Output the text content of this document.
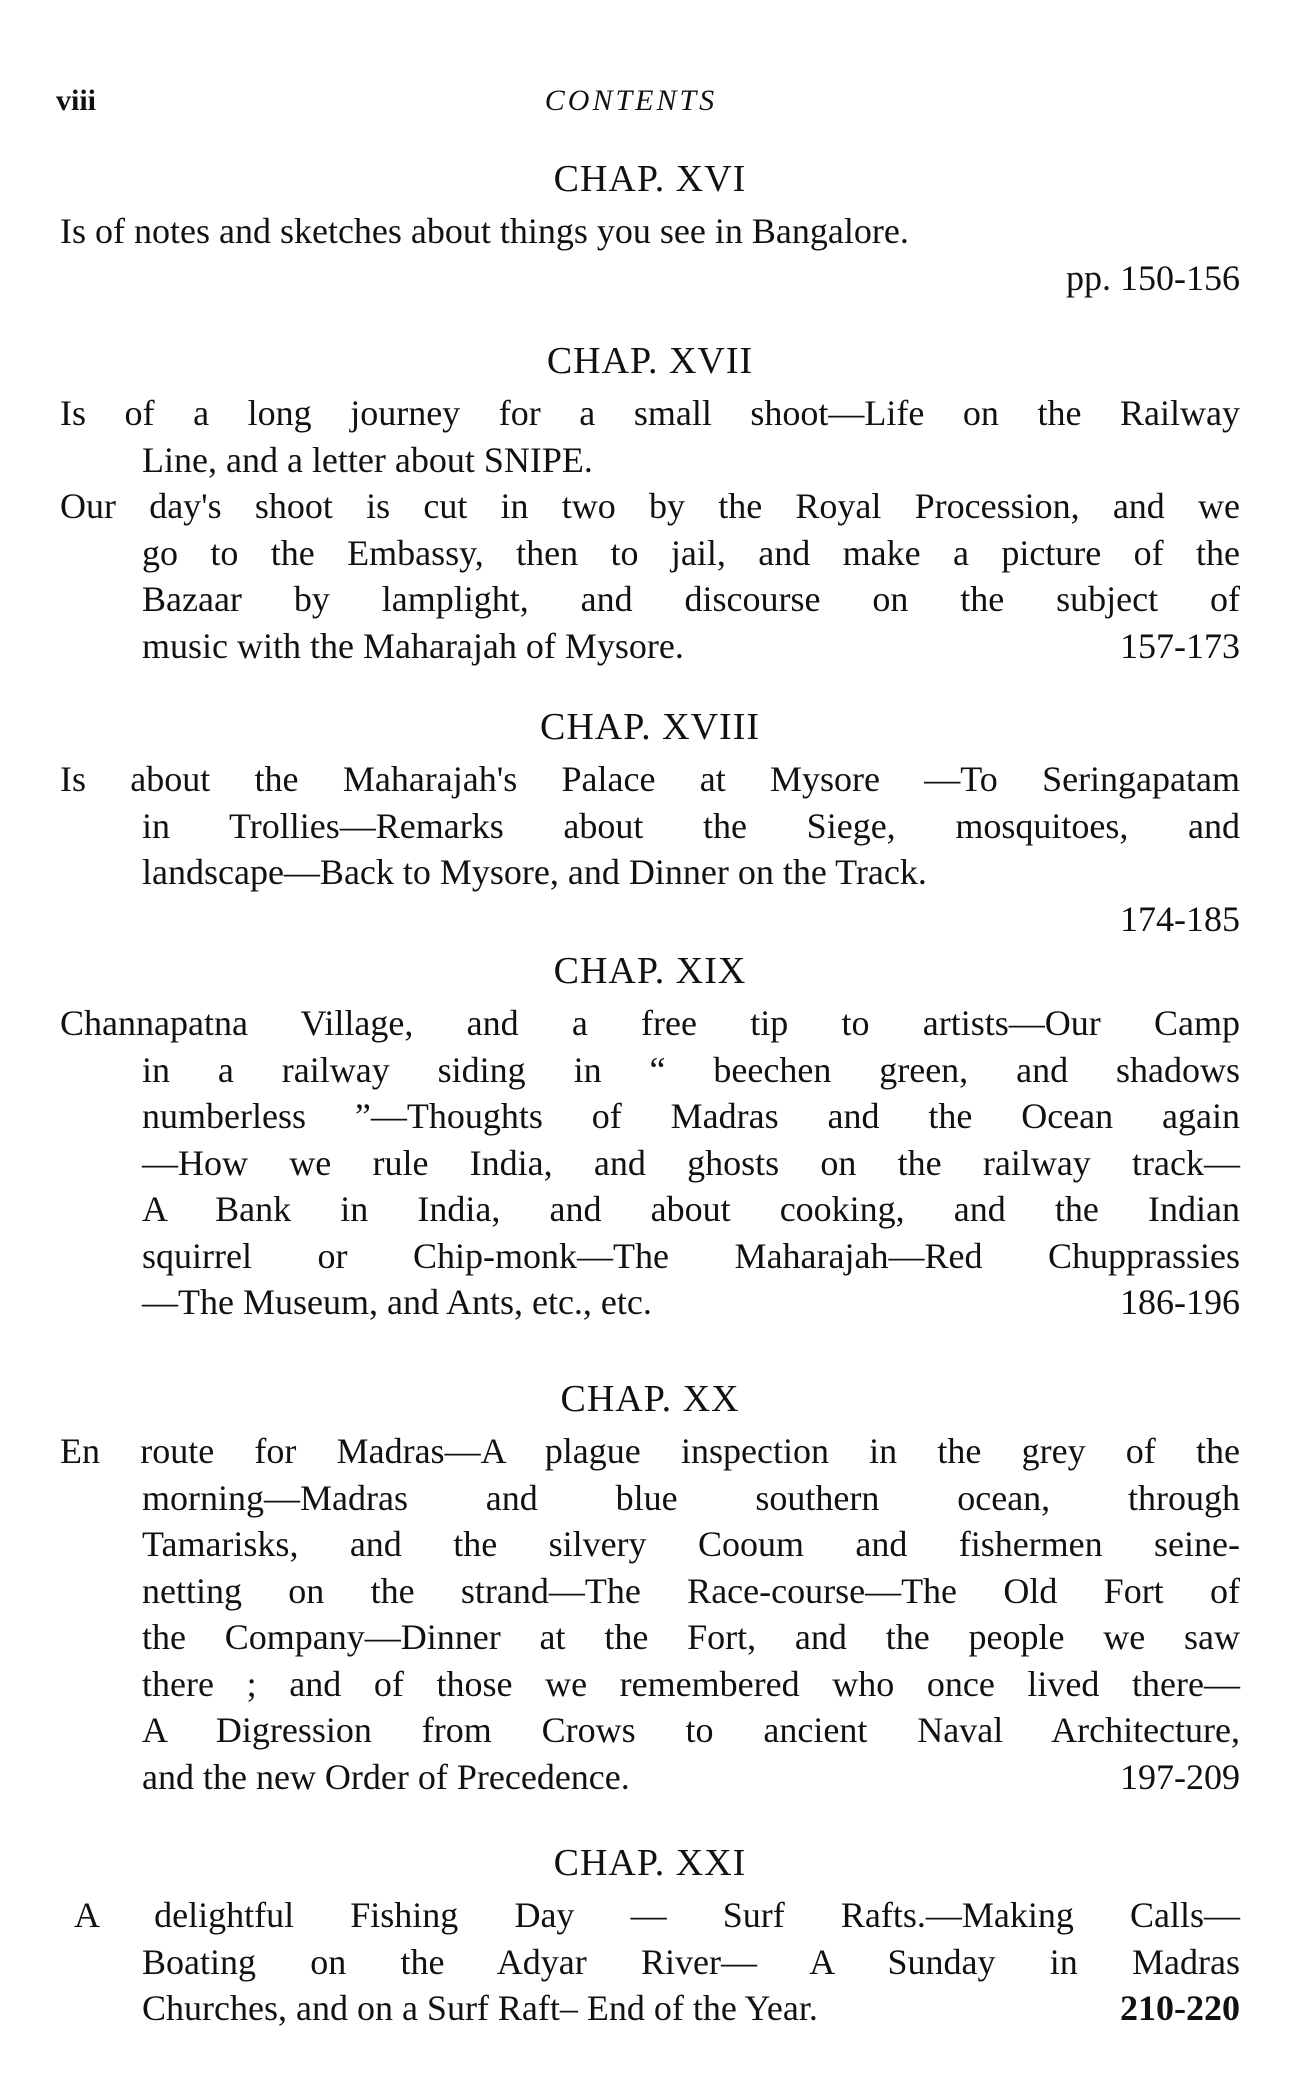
viii	CONTENTS
CHAP. XVI
Is of notes and sketches about things you see in Bangalore.
pp. 150-156
CHAP. XVII
Is of a long journey for a small shoot—Life on the Railway
Line, and a letter about SNIPE.
Our day's shoot is cut in two by the Royal Procession, and we
go to the Embassy, then to jail, and make a picture of the
Bazaar by lamplight, and discourse on the subject of
music with the Maharajah of Mysore.	157-173
CHAP. XVIII
Is about the Maharajah's Palace at Mysore —To Seringapatam
in Trollies—Remarks about the Siege, mosquitoes, and
landscape—Back to Mysore, and Dinner on the Track.
174-185
CHAP. XIX
Channapatna Village, and a free tip to artists—Our Camp
in a railway siding in “ beechen green, and shadows
numberless ”—Thoughts of Madras and the Ocean again
—How we rule India, and ghosts on the railway track—
A Bank in India, and about cooking, and the Indian
squirrel or Chip-monk—The Maharajah—Red Chupprassies
—The Museum, and Ants, etc., etc.	186-196
CHAP. XX
En route for Madras—A plague inspection in the grey of the
morning—Madras and blue southern ocean, through
Tamarisks, and the silvery Cooum and fishermen seine-
netting on the strand—The Race-course—The Old Fort of
the Company—Dinner at the Fort, and the people we saw
there ; and of those we remembered who once lived there—
A Digression from Crows to ancient Naval Architecture,
and the new Order of Precedence.	197-209
CHAP. XXI
A delightful Fishing Day — Surf Rafts.—Making Calls—
Boating on the Adyar River— A Sunday in Madras
Churches, and on a Surf Raft– End of the Year.	210-220
